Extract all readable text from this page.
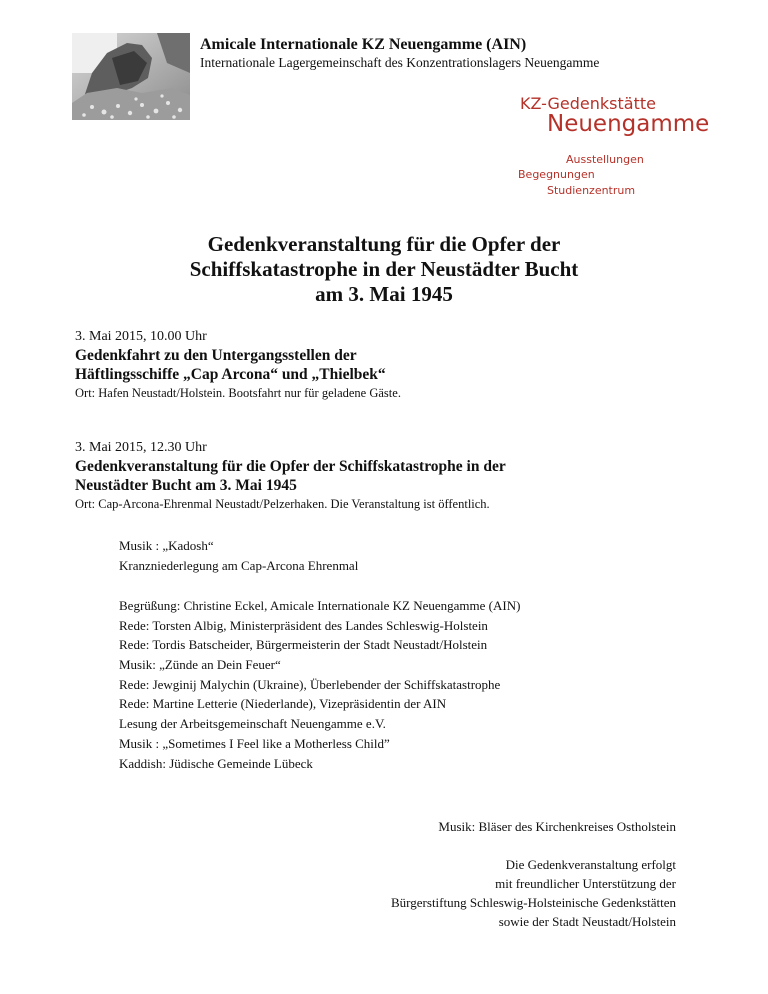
Amicale Internationale KZ Neuengamme (AIN)
Internationale Lagergemeinschaft des Konzentrationslagers Neuengamme
KZ-Gedenkstätte
Neuengamme
Ausstellungen
Begegnungen
Studienzentrum
Gedenkveranstaltung für die Opfer der
Schiffskatastrophe in der Neustädter Bucht
am 3. Mai 1945
3. Mai 2015, 10.00 Uhr
Gedenkfahrt zu den Untergangsstellen der
Häftlingsschiffe „Cap Arcona“ und „Thielbek“
Ort: Hafen Neustadt/Holstein. Bootsfahrt nur für geladene Gäste.
3. Mai 2015, 12.30 Uhr
Gedenkveranstaltung für die Opfer der Schiffskatastrophe in der
Neustädter Bucht am 3. Mai 1945
Ort: Cap-Arcona-Ehrenmal Neustadt/Pelzerhaken. Die Veranstaltung ist öffentlich.
Musik : „Kadosh“
Kranzniederlegung am Cap-Arcona Ehrenmal
Begrüßung: Christine Eckel, Amicale Internationale KZ Neuengamme (AIN)
Rede: Torsten Albig, Ministerpräsident des Landes Schleswig-Holstein
Rede: Tordis Batscheider, Bürgermeisterin der Stadt Neustadt/Holstein
Musik: „Zünde an Dein Feuer“
Rede: Jewginij Malychin (Ukraine), Überlebender der Schiffskatastrophe
Rede: Martine Letterie (Niederlande), Vizepräsidentin der AIN
Lesung der Arbeitsgemeinschaft Neuengamme e.V.
Musik : „Sometimes I Feel like a Motherless Child”
Kaddish: Jüdische Gemeinde Lübeck
Musik: Bläser des Kirchenkreises Ostholstein
Die Gedenkveranstaltung erfolgt
mit freundlicher Unterstützung der
Bürgerstiftung Schleswig-Holsteinische Gedenkstätten
sowie der Stadt Neustadt/Holstein
